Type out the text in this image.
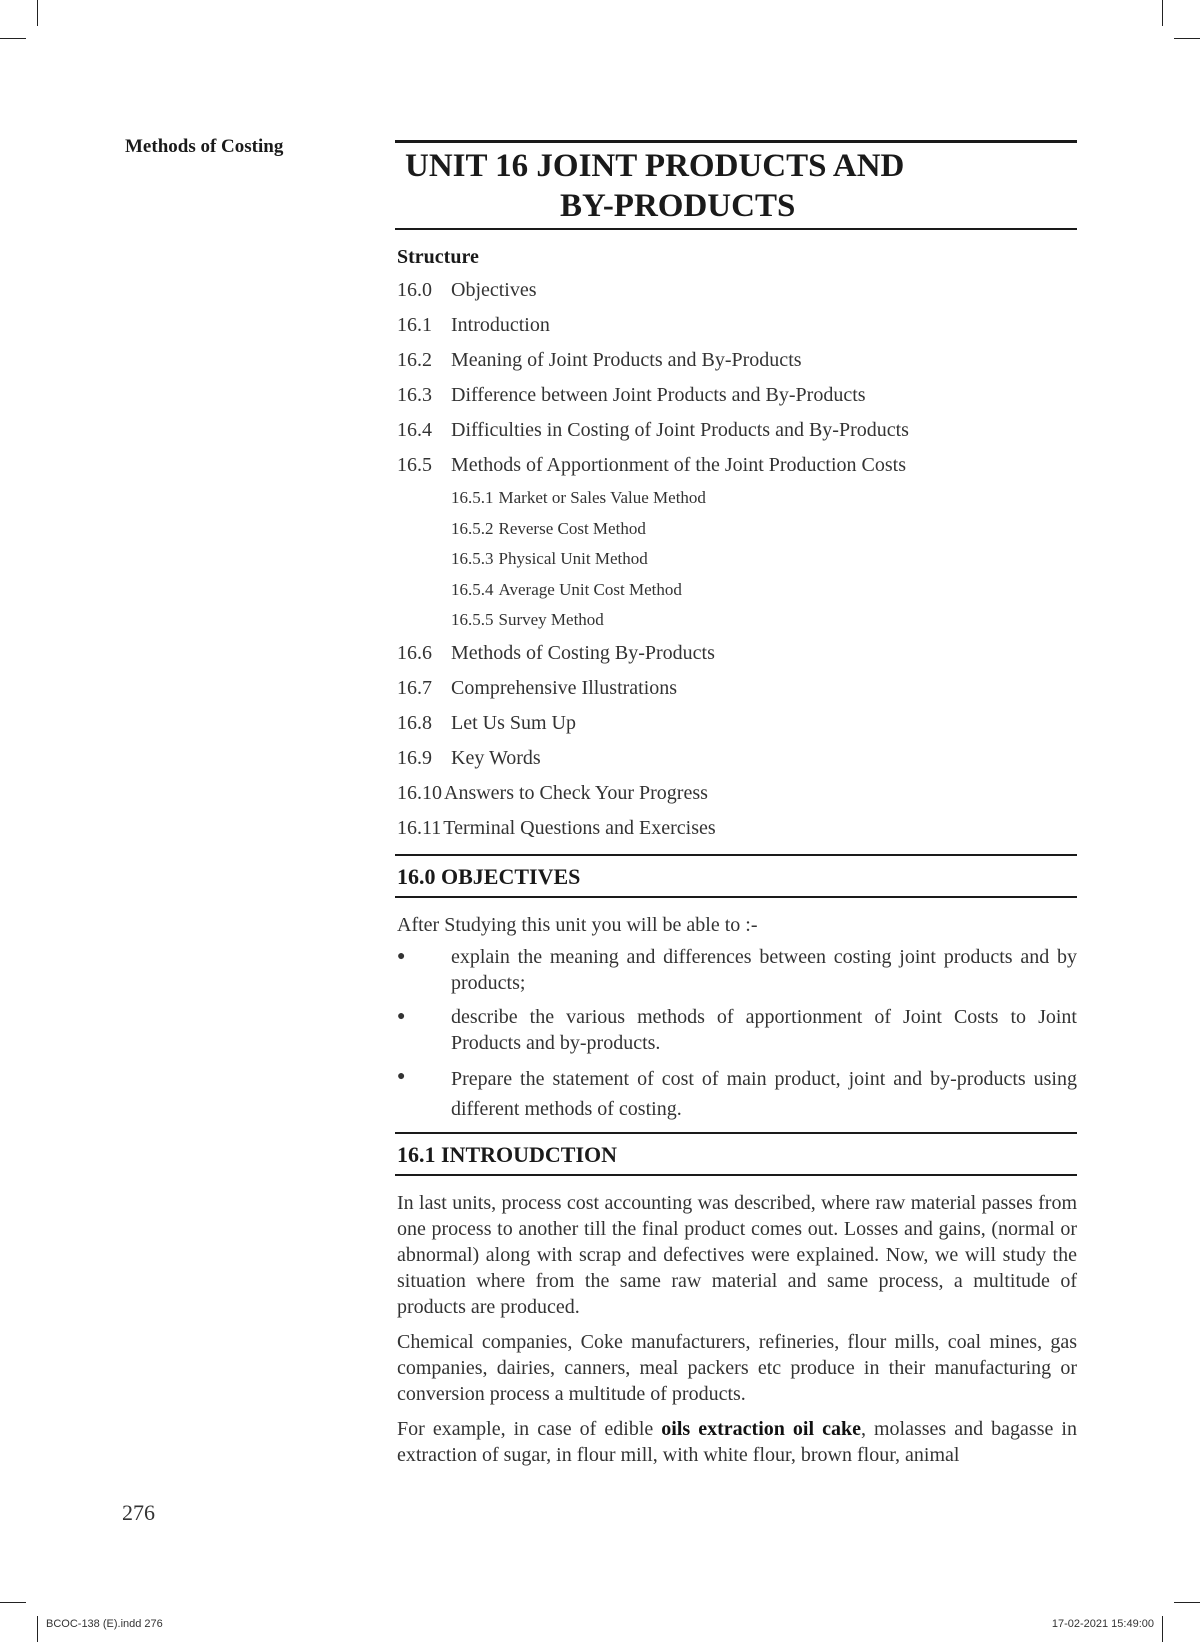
Methods of Costing
UNIT 16 JOINT PRODUCTS AND
BY-PRODUCTS
Structure
16.0 Objectives
16.1 Introduction
16.2 Meaning of Joint Products and By-Products
16.3 Difference between Joint Products and By-Products
16.4 Difficulties in Costing of Joint Products and By-Products
16.5 Methods of Apportionment of the Joint Production Costs
16.5.1 Market or Sales Value Method
16.5.2 Reverse Cost Method
16.5.3 Physical Unit Method
16.5.4 Average Unit Cost Method
16.5.5 Survey Method
16.6 Methods of Costing By-Products
16.7 Comprehensive Illustrations
16.8 Let Us Sum Up
16.9 Key Words
16.10 Answers to Check Your Progress
16.11 Terminal Questions and Exercises
16.0 OBJECTIVES

After Studying this unit you will be able to :-

●	explain the meaning and differences between costing joint products and by products;
●	describe the various methods of apportionment of Joint Costs to Joint Products and by-products.
●	Prepare the statement of cost of main product, joint and by-products using different methods of costing.
16.1 INTROUDCTION

In last units, process cost accounting was described, where raw material passes from one process to another till the final product comes out. Losses and gains, (normal or abnormal) along with scrap and defectives were explained. Now, we will study the situation where from the same raw material and same process, a multitude of products are produced.

Chemical companies, Coke manufacturers, refineries, flour mills, coal mines, gas companies, dairies, canners, meal packers etc produce in their manufacturing or conversion process a multitude of products.

For example, in case of edible oils extraction oil cake, molasses and bagasse in extraction of sugar, in flour mill, with white flour, brown flour, animal

276
BCOC-138 (E).indd 276	17-02-2021 15:49:00
